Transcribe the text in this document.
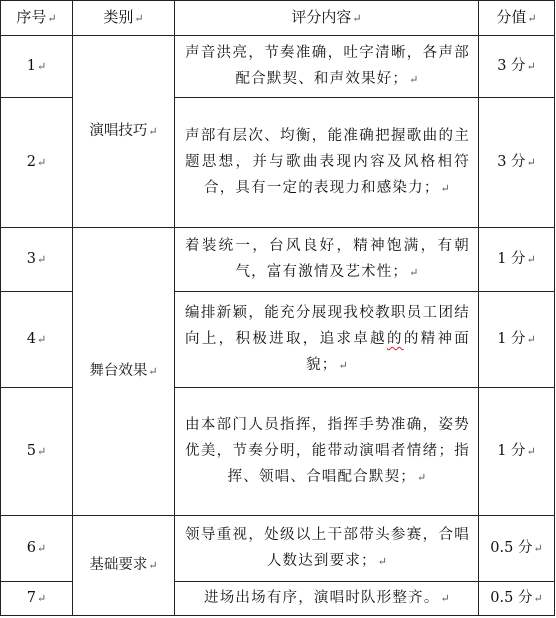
序号↵	类别↵	评分内容↵	分值↵
1↵	演唱技巧↵	声音洪亮，节奏准确，吐字清晰，各声部配合默契、和声效果好；↵	3 分↵
2↵		声部有层次、均衡，能准确把握歌曲的主题思想，并与歌曲表现内容及风格相符合，具有一定的表现力和感染力；↵	3 分↵
3↵	舞台效果↵	着装统一，台风良好，精神饱满，有朝气，富有激情及艺术性；↵	1 分↵
4↵		编排新颖，能充分展现我校教职员工团结向上，积极进取，追求卓越的的精神面貌；↵	1 分↵
5↵		由本部门人员指挥，指挥手势准确，姿势优美，节奏分明，能带动演唱者情绪；指挥、领唱、合唱配合默契；↵	1 分↵
6↵	基础要求↵	领导重视，处级以上干部带头参赛，合唱人数达到要求；↵	0.5 分↵
7↵		进场出场有序，演唱时队形整齐。↵	0.5 分↵
